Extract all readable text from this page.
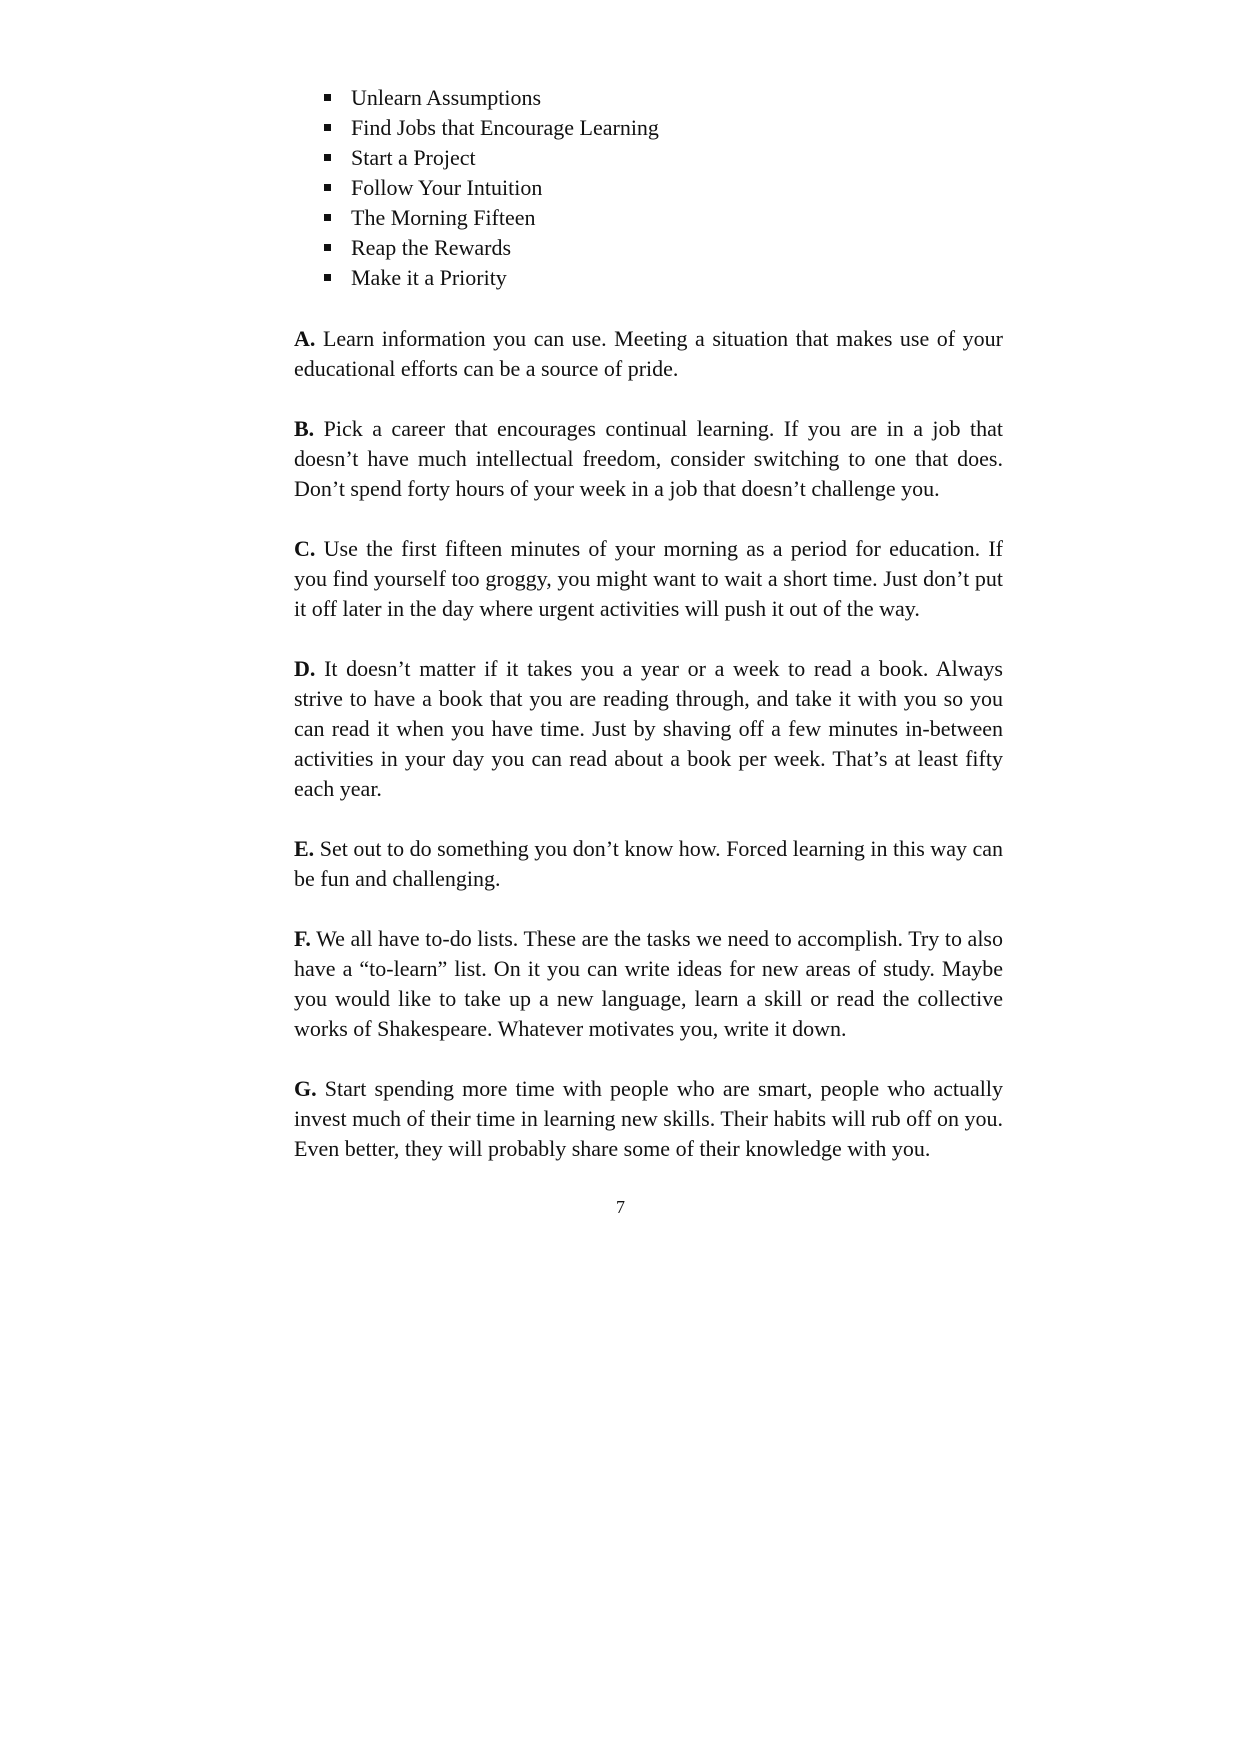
Unlearn Assumptions
Find Jobs that Encourage Learning
Start a Project
Follow Your Intuition
The Morning Fifteen
Reap the Rewards
Make it a Priority

A. Learn information you can use. Meeting a situation that makes use of your educational efforts can be a source of pride.

B. Pick a career that encourages continual learning. If you are in a job that doesn’t have much intellectual freedom, consider switching to one that does. Don’t spend forty hours of your week in a job that doesn’t challenge you.

C. Use the first fifteen minutes of your morning as a period for education. If you find yourself too groggy, you might want to wait a short time. Just don’t put it off later in the day where urgent activities will push it out of the way.

D. It doesn’t matter if it takes you a year or a week to read a book. Always strive to have a book that you are reading through, and take it with you so you can read it when you have time. Just by shaving off a few minutes in-between activities in your day you can read about a book per week. That’s at least fifty each year.

E. Set out to do something you don’t know how. Forced learning in this way can be fun and challenging.

F. We all have to-do lists. These are the tasks we need to accomplish. Try to also have a “to-learn” list. On it you can write ideas for new areas of study. Maybe you would like to take up a new language, learn a skill or read the collective works of Shakespeare. Whatever motivates you, write it down.

G. Start spending more time with people who are smart, people who actually invest much of their time in learning new skills. Their habits will rub off on you. Even better, they will probably share some of their knowledge with you.

7
